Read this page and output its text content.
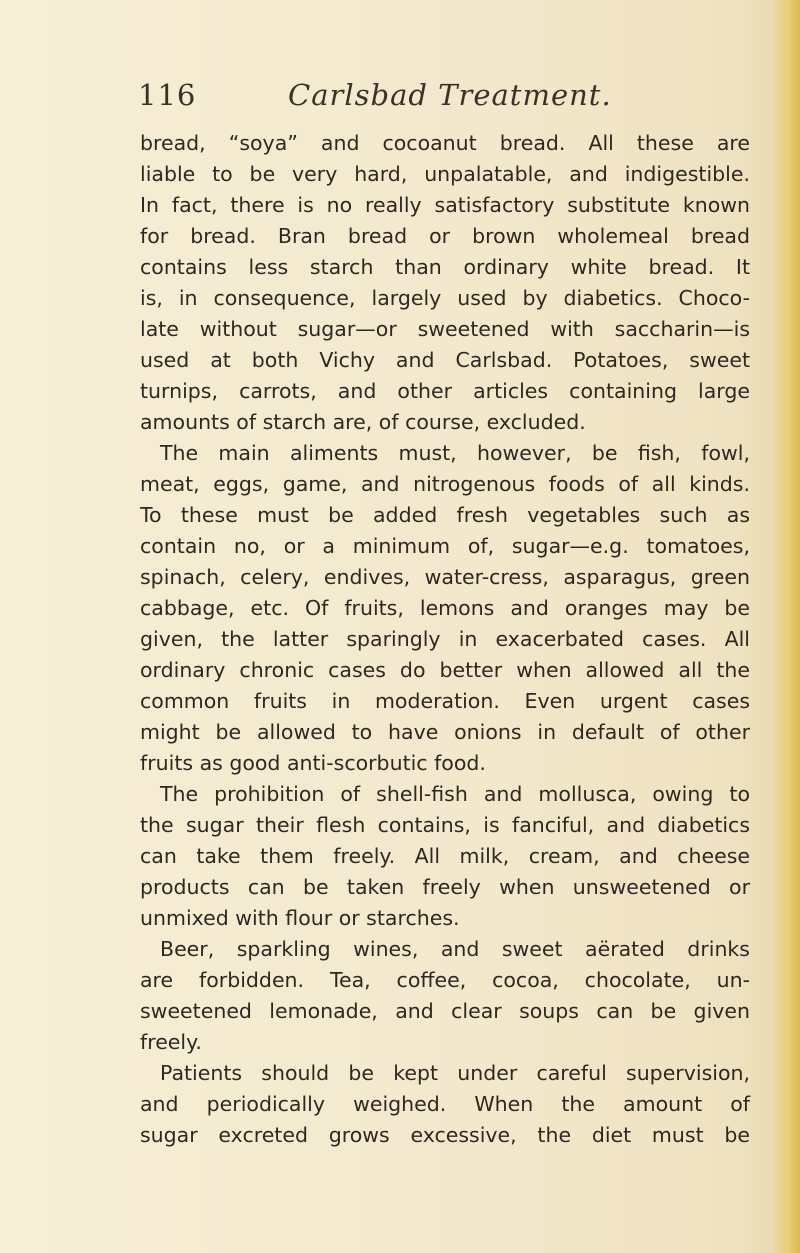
116	Carlsbad Treatment.
bread, “soya” and cocoanut bread. All these are
liable to be very hard, unpalatable, and indigestible.
In fact, there is no really satisfactory substitute known
for bread. Bran bread or brown wholemeal bread
contains less starch than ordinary white bread. It
is, in consequence, largely used by diabetics. Choco-
late without sugar—or sweetened with saccharin—is
used at both Vichy and Carlsbad. Potatoes, sweet
turnips, carrots, and other articles containing large
amounts of starch are, of course, excluded.
The main aliments must, however, be fish, fowl,
meat, eggs, game, and nitrogenous foods of all kinds.
To these must be added fresh vegetables such as
contain no, or a minimum of, sugar—e.g. tomatoes,
spinach, celery, endives, water-cress, asparagus, green
cabbage, etc. Of fruits, lemons and oranges may be
given, the latter sparingly in exacerbated cases. All
ordinary chronic cases do better when allowed all the
common fruits in moderation. Even urgent cases
might be allowed to have onions in default of other
fruits as good anti-scorbutic food.
The prohibition of shell-fish and mollusca, owing to
the sugar their flesh contains, is fanciful, and diabetics
can take them freely. All milk, cream, and cheese
products can be taken freely when unsweetened or
unmixed with flour or starches.
Beer, sparkling wines, and sweet aërated drinks
are forbidden. Tea, coffee, cocoa, chocolate, un-
sweetened lemonade, and clear soups can be given
freely.
Patients should be kept under careful supervision,
and periodically weighed. When the amount of
sugar excreted grows excessive, the diet must be
